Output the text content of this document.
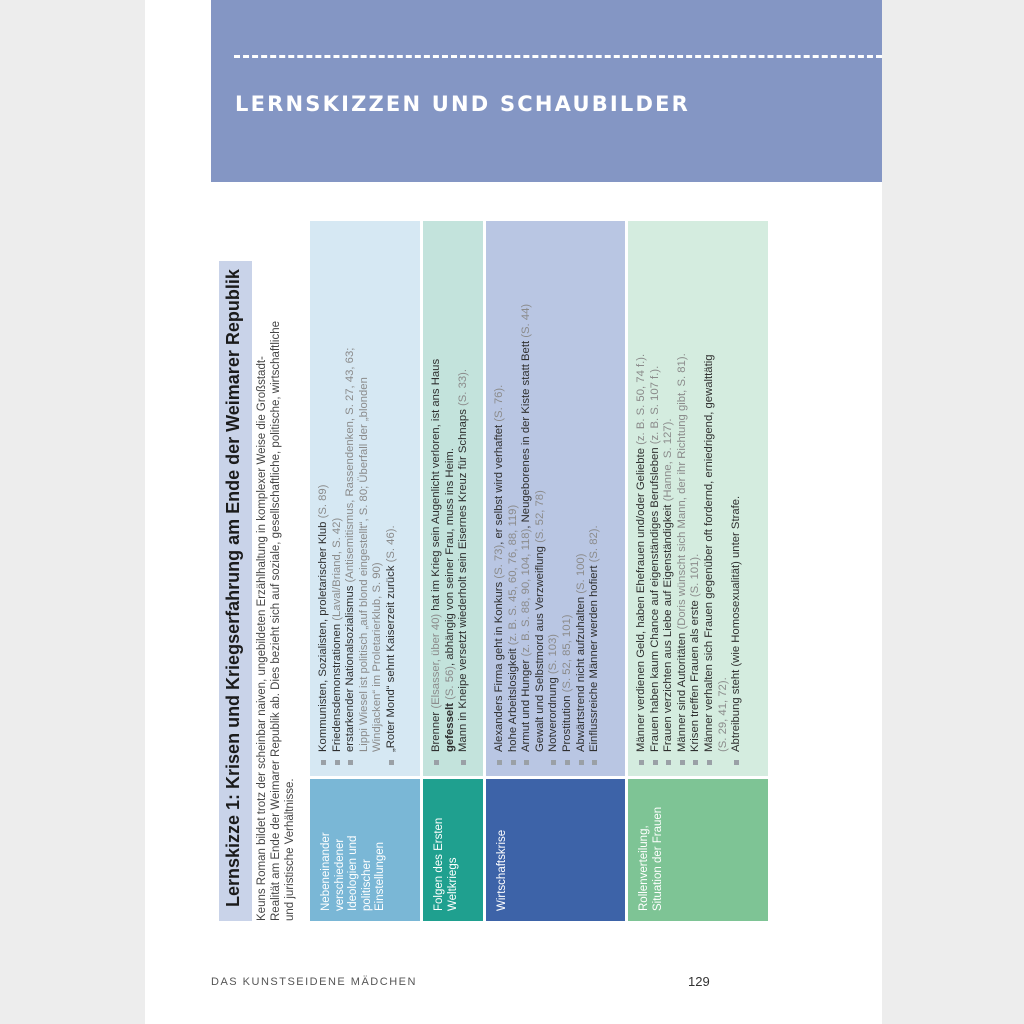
LERNSKIZZEN UND SCHAUBILDER
Lernskizze 1: Krisen und Kriegserfahrung am Ende der Weimarer Republik Keuns Roman bildet trotz der scheinbar naiven, ungebildeten Erzählhaltung in komplexer Weise die Großstadt- Realität am Ende der Weimarer Republik ab. Dies bezieht sich auf soziale, gesellschaftliche, politische, wirtschaftliche und juristische Verhältnisse.	Nebeneinander verschiedener Ideologien und politischer Einstellungen
Kommunisten, Sozialisten, proletarischer Klub (S. 89)
Friedensdemonstrationen (Laval/Briand, S. 42)
erstarkender Nationalsozialismus (Antisemitismus, Rassendenken, S. 27, 43, 63; Lippi Wiesel ist politisch „auf blond eingestellt“, S. 80; Überfall der „blonden Windjacken“ im Proletarierklub, S. 90) „Roter Mond“ sehnt Kaiserzeit zurück (S. 46).
Folgen des Ersten Weltkriegs
Brenner (Elsasser, über 40) hat im Krieg sein Augenlicht verloren, ist ans Haus
gefesselt (S. 56), abhängig von seiner Frau, muss ins Heim. Mann in Kneipe versetzt wiederholt sein Eisernes Kreuz für Schnaps (S. 33).
Wirtschaftskrise
Alexanders Firma geht in Konkurs (S. 73), er selbst wird verhaftet (S. 76).
hohe Arbeitslosigkeit (z. B. S. 45, 60, 76, 88, 119)
Armut und Hunger (z. B. S. 88, 90, 104, 118), Neugeborenes in der Kiste statt Bett (S. 44)
Gewalt und Selbstmord aus Verzweiflung (S. 52, 78)
Notverordnung (S. 103)
Prostitution (S. 52, 85, 101) Abwärtstrend nicht aufzuhalten (S. 100) Einflussreiche Männer werden hofiert (S. 82).
Rollenverteilung, Situation der Frauen
Männer verdienen Geld, haben Ehefrauen und/oder Geliebte (z. B. S. 50, 74 f.).
Frauen haben kaum Chance auf eigenständiges Berufsleben (z. B. S. 107 f.).
Frauen verzichten aus Liebe auf Eigenständigkeit (Hanne, S. 127).
Männer sind Autoritäten (Doris wünscht sich Mann, der ihr Richtung gibt, S. 81).
Krisen treffen Frauen als erste (S. 101). Männer verhalten sich Frauen gegenüber oft fordernd, erniedrigend, gewalttätig (S. 29, 41, 72). Abtreibung steht (wie Homosexualität) unter Strafe.
DAS KUNSTSEIDENE MÄDCHEN	129
